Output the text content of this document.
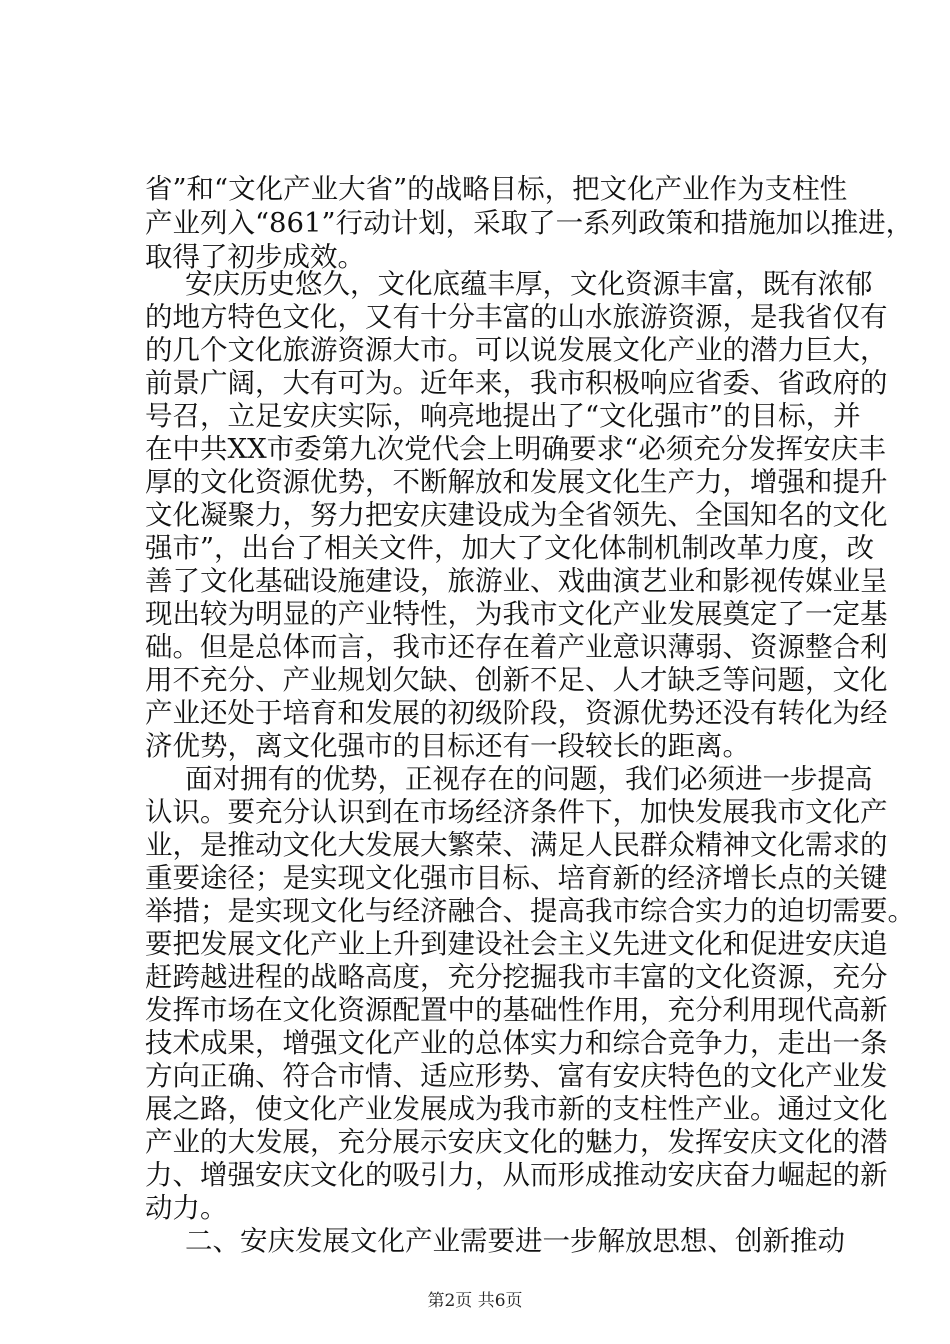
省”和“文化产业大省”的战略目标，把文化产业作为支柱性
产业列入“861”行动计划，采取了一系列政策和措施加以推进，
取得了初步成效。
安庆历史悠久，文化底蕴丰厚，文化资源丰富，既有浓郁
的地方特色文化，又有十分丰富的山水旅游资源，是我省仅有
的几个文化旅游资源大市。可以说发展文化产业的潜力巨大，
前景广阔，大有可为。近年来，我市积极响应省委、省政府的
号召，立足安庆实际，响亮地提出了“文化强市”的目标，并
在中共XX市委第九次党代会上明确要求“必须充分发挥安庆丰
厚的文化资源优势，不断解放和发展文化生产力，增强和提升
文化凝聚力，努力把安庆建设成为全省领先、全国知名的文化
强市”，出台了相关文件，加大了文化体制机制改革力度，改
善了文化基础设施建设，旅游业、戏曲演艺业和影视传媒业呈
现出较为明显的产业特性，为我市文化产业发展奠定了一定基
础。但是总体而言，我市还存在着产业意识薄弱、资源整合利
用不充分、产业规划欠缺、创新不足、人才缺乏等问题，文化
产业还处于培育和发展的初级阶段，资源优势还没有转化为经
济优势，离文化强市的目标还有一段较长的距离。
面对拥有的优势，正视存在的问题，我们必须进一步提高
认识。要充分认识到在市场经济条件下，加快发展我市文化产
业，是推动文化大发展大繁荣、满足人民群众精神文化需求的
重要途径；是实现文化强市目标、培育新的经济增长点的关键
举措；是实现文化与经济融合、提高我市综合实力的迫切需要。
要把发展文化产业上升到建设社会主义先进文化和促进安庆追
赶跨越进程的战略高度，充分挖掘我市丰富的文化资源，充分
发挥市场在文化资源配置中的基础性作用，充分利用现代高新
技术成果，增强文化产业的总体实力和综合竞争力，走出一条
方向正确、符合市情、适应形势、富有安庆特色的文化产业发
展之路，使文化产业发展成为我市新的支柱性产业。通过文化
产业的大发展，充分展示安庆文化的魅力，发挥安庆文化的潜
力、增强安庆文化的吸引力，从而形成推动安庆奋力崛起的新
动力。
二、安庆发展文化产业需要进一步解放思想、创新推动
第2页 共6页
